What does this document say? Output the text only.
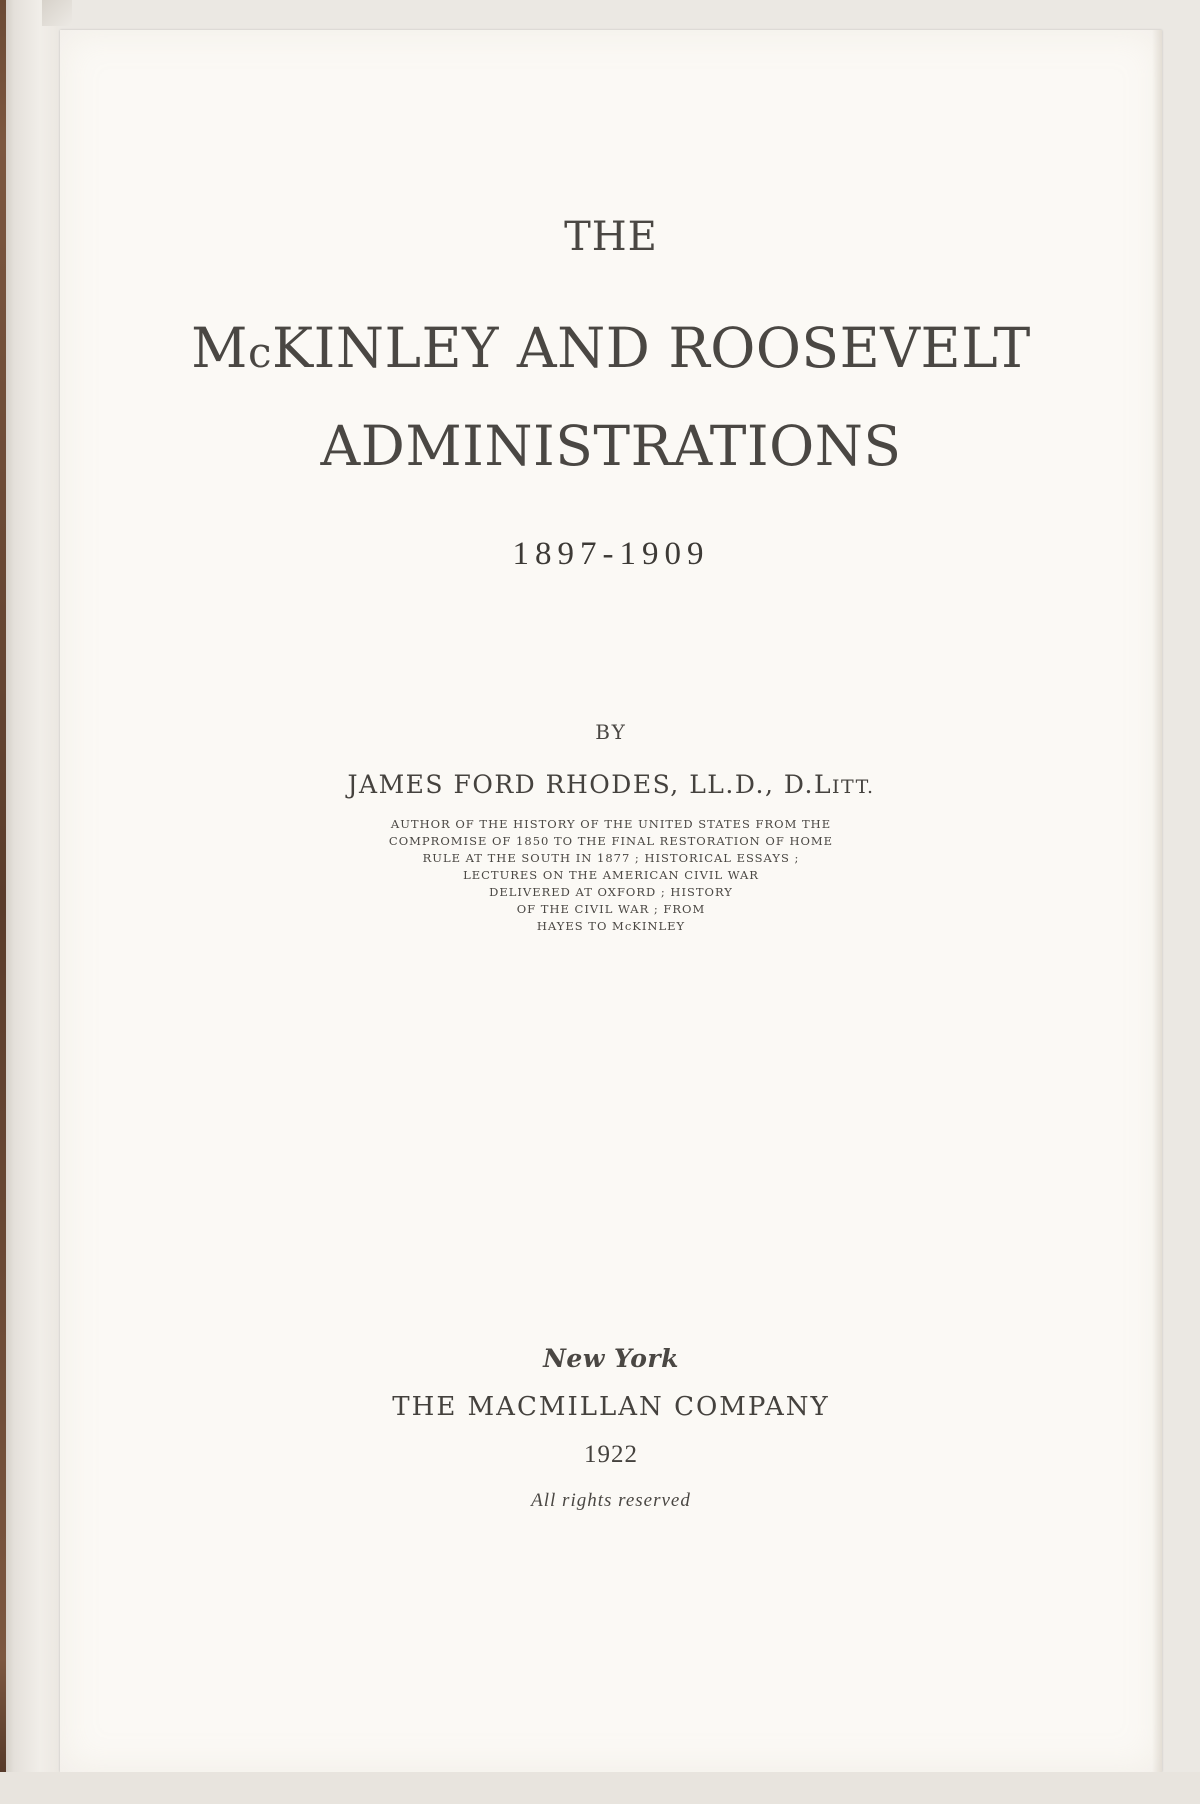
THE
McKINLEY AND ROOSEVELT
ADMINISTRATIONS
1897-1909
BY
JAMES FORD RHODES, LL.D., D.LITT.
AUTHOR OF THE HISTORY OF THE UNITED STATES FROM THE
COMPROMISE OF 1850 TO THE FINAL RESTORATION OF HOME
RULE AT THE SOUTH IN 1877 ; HISTORICAL ESSAYS ;
LECTURES ON THE AMERICAN CIVIL WAR
DELIVERED AT OXFORD ; HISTORY
OF THE CIVIL WAR ; FROM
HAYES TO McKINLEY
New York
THE MACMILLAN COMPANY
1922
All rights reserved
